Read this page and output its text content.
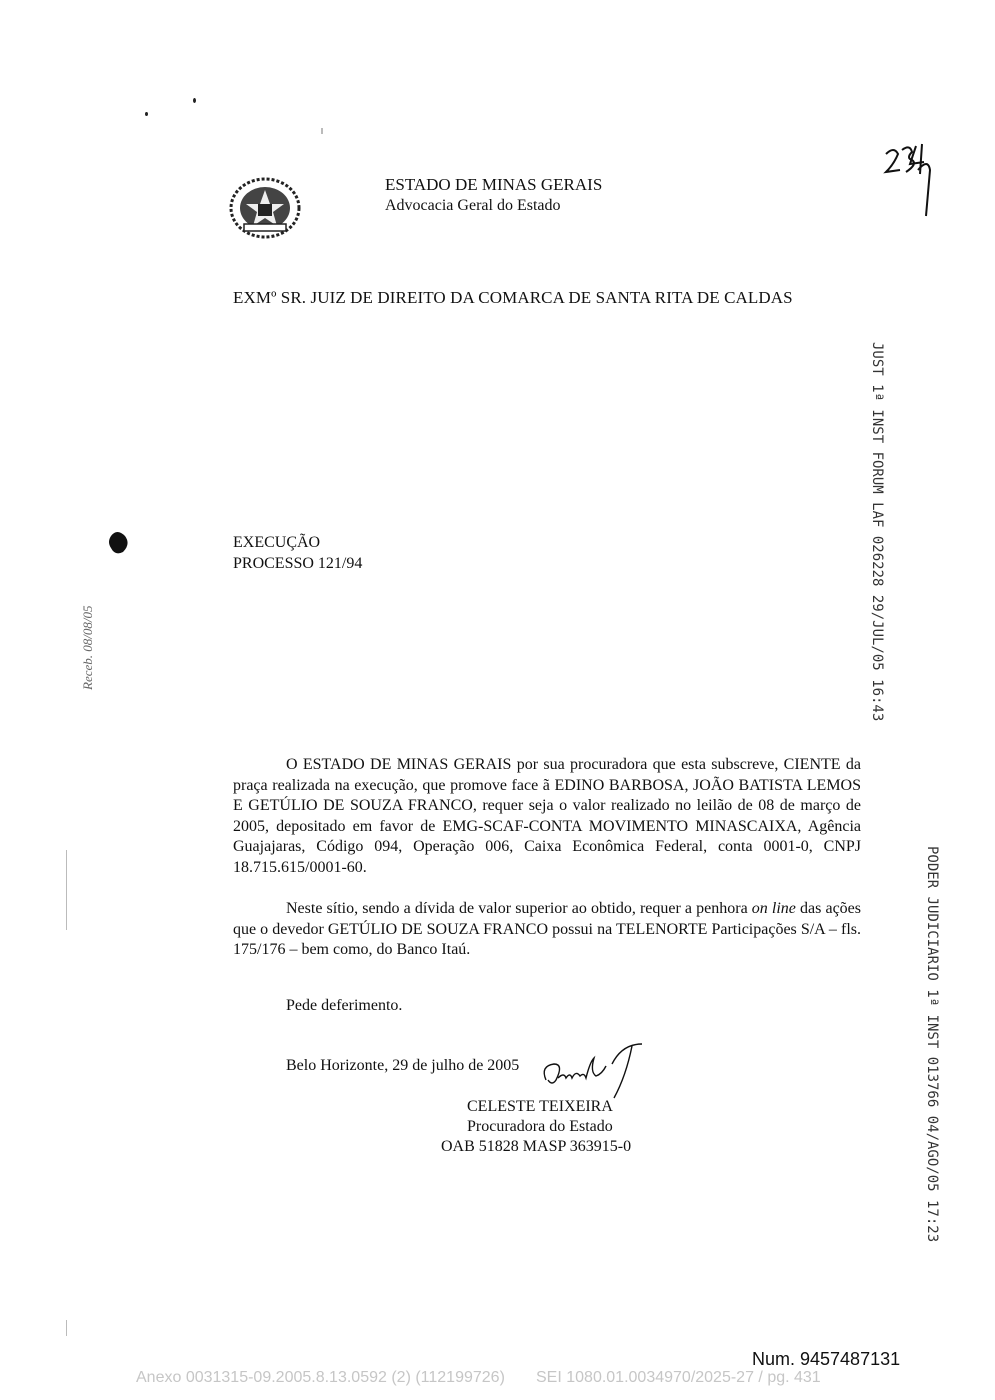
ESTADO DE MINAS GERAIS
Advocacia Geral do Estado
EXMº SR. JUIZ DE DIREITO DA COMARCA DE SANTA RITA DE CALDAS
EXECUÇÃO
PROCESSO 121/94	JUST 1ª INST FORUM LAF 026228 29/JUL/05 16:43
PODER JUDICIARIO 1ª INST 013766 04/AGO/05 17:23
Receb. 08/08/05
O ESTADO DE MINAS GERAIS por sua procuradora que esta subscreve, CIENTE da praça realizada na execução, que promove face ã EDINO BARBOSA, JOÃO BATISTA LEMOS E GETÚLIO DE SOUZA FRANCO, requer seja o valor realizado no leilão de 08 de março de 2005, depositado em favor de EMG-SCAF-CONTA MOVIMENTO MINASCAIXA, Agência Guajajaras, Código 094, Operação 006, Caixa Econômica Federal, conta 0001-0, CNPJ 18.715.615/0001-60.
Neste sítio, sendo a dívida de valor superior ao obtido, requer a penhora on line das ações que o devedor GETÚLIO DE SOUZA FRANCO possui na TELENORTE Participações S/A – fls. 175/176 – bem como, do Banco Itaú.
Pede deferimento.
Belo Horizonte, 29 de julho de 2005
CELESTE TEIXEIRA
Procuradora do Estado
OAB 51828 MASP 363915-0
Num. 9457487131
Anexo 0031315-09.2005.8.13.0592 (2) (112199726)       SEI 1080.01.0034970/2025-27 / pg. 431
